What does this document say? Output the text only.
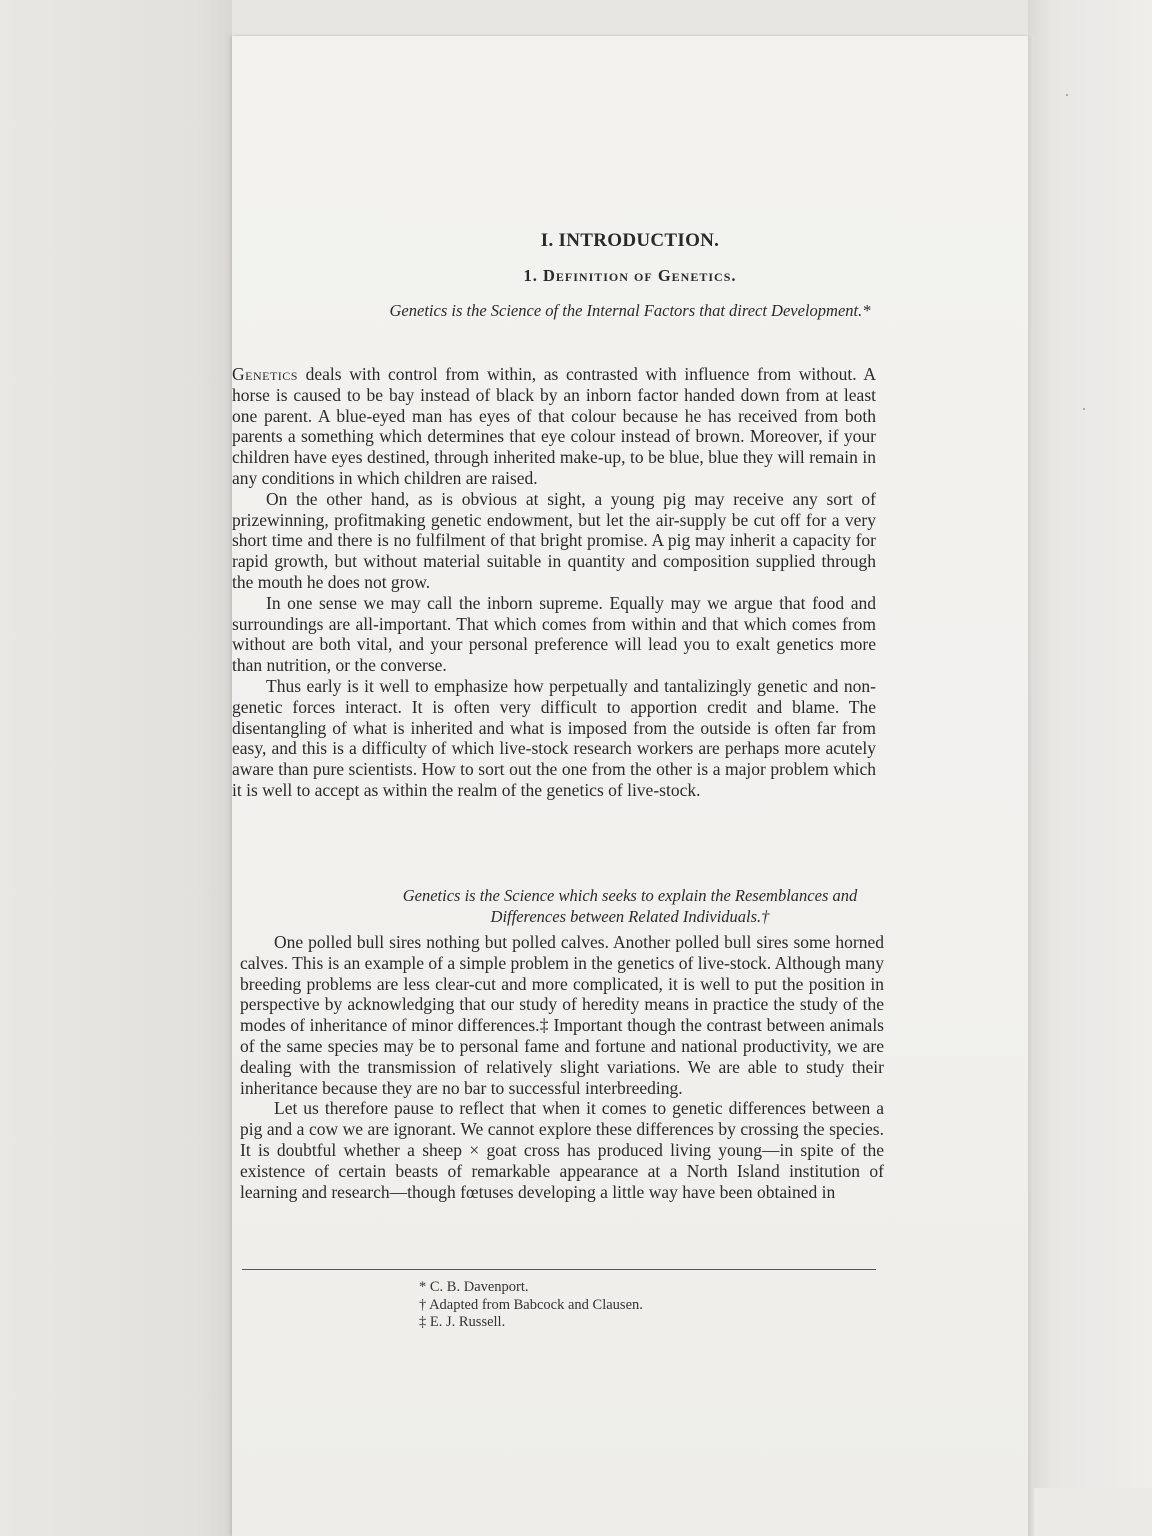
I. INTRODUCTION.
1. Definition of Genetics.

Genetics is the Science of the Internal Factors that direct Development.*

Genetics deals with control from within, as contrasted with influence from without. A horse is caused to be bay instead of black by an inborn factor handed down from at least one parent. A blue-eyed man has eyes of that colour because he has received from both parents a something which determines that eye colour instead of brown. Moreover, if your children have eyes destined, through inherited make-up, to be blue, blue they will remain in any conditions in which children are raised.

On the other hand, as is obvious at sight, a young pig may receive any sort of prizewinning, profitmaking genetic endowment, but let the air-supply be cut off for a very short time and there is no fulfilment of that bright promise. A pig may inherit a capacity for rapid growth, but without material suitable in quantity and composition supplied through the mouth he does not grow.

In one sense we may call the inborn supreme. Equally may we argue that food and surroundings are all-important. That which comes from within and that which comes from without are both vital, and your personal preference will lead you to exalt genetics more than nutrition, or the converse.

Thus early is it well to emphasize how perpetually and tantalizingly genetic and non-genetic forces interact. It is often very difficult to apportion credit and blame. The disentangling of what is inherited and what is imposed from the outside is often far from easy, and this is a difficulty of which live-stock research workers are perhaps more acutely aware than pure scientists. How to sort out the one from the other is a major problem which it is well to accept as within the realm of the genetics of live-stock.

Genetics is the Science which seeks to explain the Resemblances and
Differences between Related Individuals.†

One polled bull sires nothing but polled calves. Another polled bull sires some horned calves. This is an example of a simple problem in the genetics of live-stock. Although many breeding problems are less clear-cut and more complicated, it is well to put the position in perspective by acknowledging that our study of heredity means in practice the study of the modes of inheritance of minor differences.‡ Important though the contrast between animals of the same species may be to personal fame and fortune and national productivity, we are dealing with the transmission of relatively slight variations. We are able to study their inheritance because they are no bar to successful interbreeding.

Let us therefore pause to reflect that when it comes to genetic differences between a pig and a cow we are ignorant. We cannot explore these differences by crossing the species. It is doubtful whether a sheep × goat cross has produced living young—in spite of the existence of certain beasts of remarkable appearance at a North Island institution of learning and research—though fœtuses developing a little way have been obtained in

* C. B. Davenport.

† Adapted from Babcock and Clausen.

‡ E. J. Russell.
